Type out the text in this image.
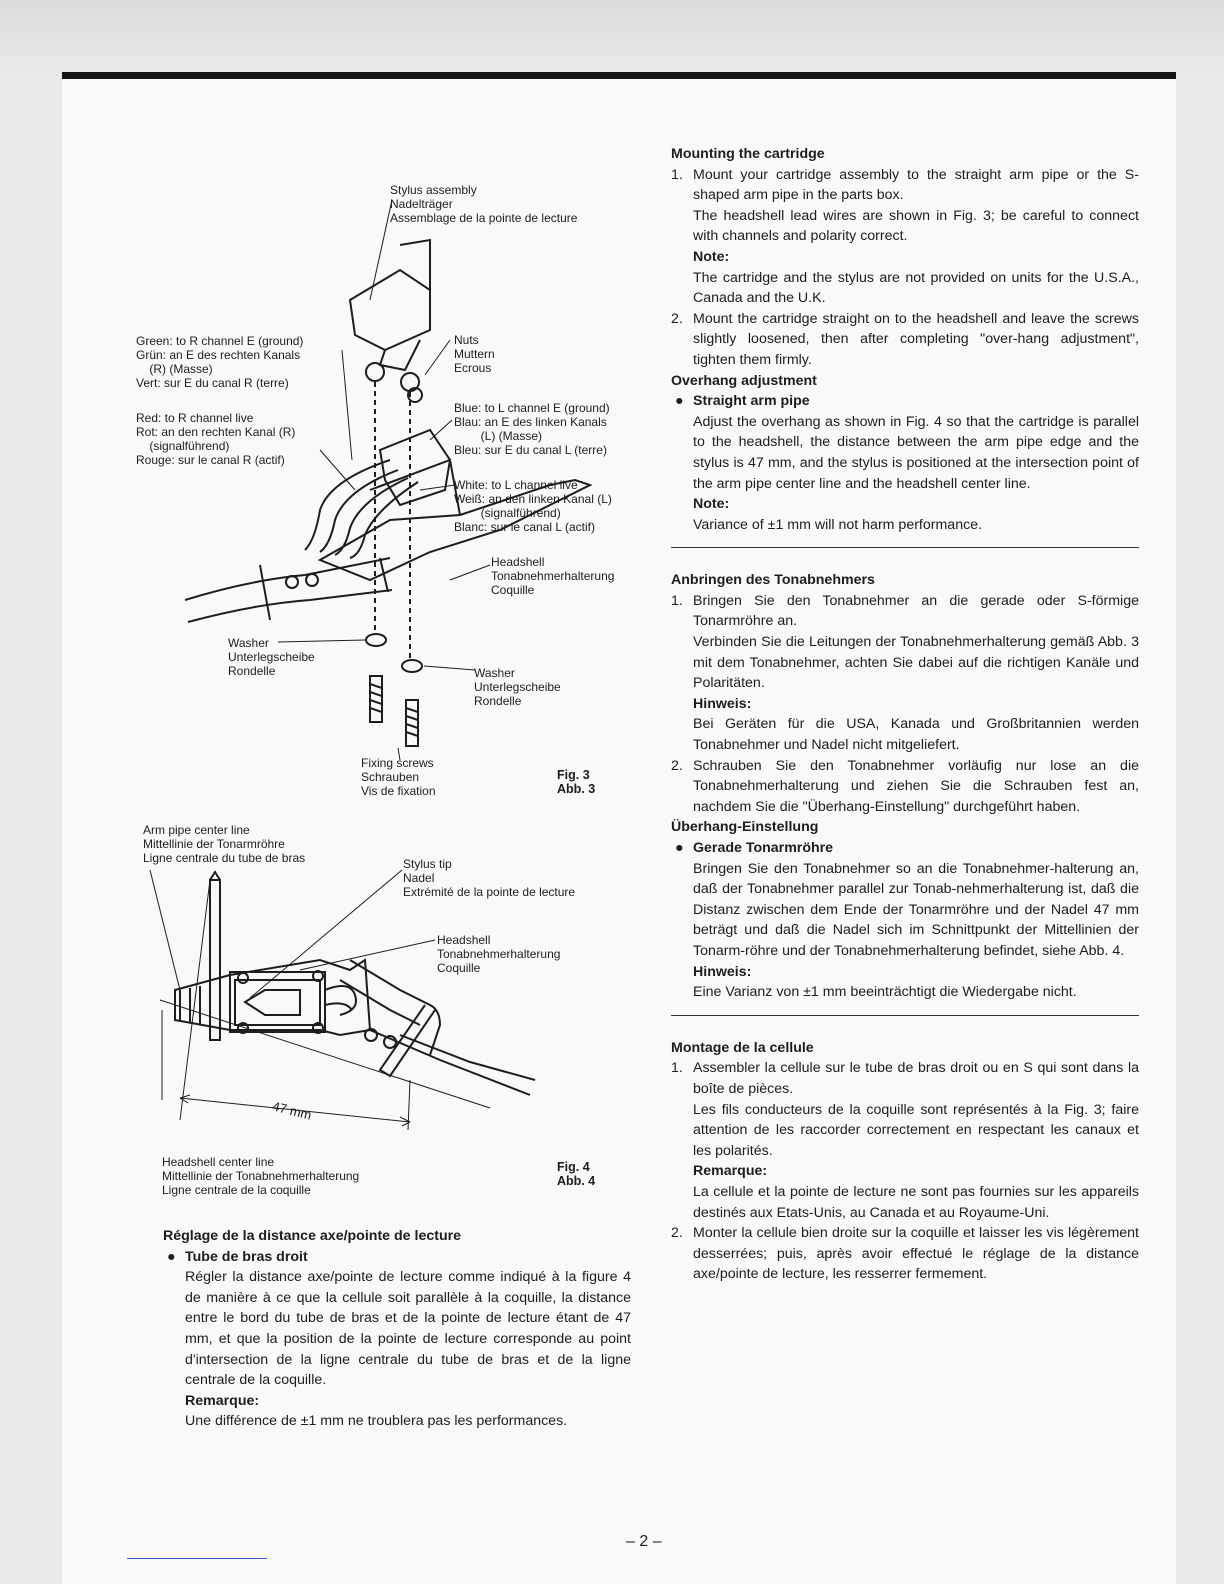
Stylus assembly
Nadelträger
Assemblage de la pointe de lecture
Green: to R channel E (ground)
Grün: an E des rechten Kanals
(R) (Masse)
Vert: sur E du canal R (terre)
Red: to R channel live
Rot: an den rechten Kanal (R)
(signalführend)
Rouge: sur le canal R (actif)
Nuts
Muttern
Ecrous
Blue: to L channel E (ground)
Blau: an E des linken Kanals
(L) (Masse)
Bleu: sur E du canal L (terre)
White: to L channel live
Weiß: an den linken Kanal (L)
(signalführend)
Blanc: sur le canal L (actif)
Headshell
Tonabnehmerhalterung
Coquille
Washer
Unterlegscheibe
Rondelle	Washer
Unterlegscheibe
Rondelle
Fixing screws
Schrauben
Vis de fixation
Fig. 3
Abb. 3
Arm pipe center line
Mittellinie der Tonarmröhre
Ligne centrale du tube de bras	Stylus tip
Nadel
Extrémité de la pointe de lecture
Headshell
Tonabnehmerhalterung
Coquille
47 mm
Headshell center line
Mittellinie der Tonabnehmerhalterung
Ligne centrale de la coquille
Fig. 4
Abb. 4

Réglage de la distance axe/pointe de lecture

● Tube de bras droit

Régler la distance axe/pointe de lecture comme indiqué à la figure 4 de manière à ce que la cellule soit parallèle à la coquille, la distance entre le bord du tube de bras et de la pointe de lecture étant de 47 mm, et que la position de la pointe de lecture corresponde au point d'intersection de la ligne centrale du tube de bras et de la ligne centrale de la coquille.

Remarque:

Une différence de ±1 mm ne troublera pas les performances.

Mounting the cartridge

1. Mount your cartridge assembly to the straight arm pipe or the S-shaped arm pipe in the parts box.

The headshell lead wires are shown in Fig. 3; be careful to connect with channels and polarity correct.

Note:

The cartridge and the stylus are not provided on units for the U.S.A., Canada and the U.K.

2. Mount the cartridge straight on to the headshell and leave the screws slightly loosened, then after completing "over-hang adjustment", tighten them firmly.

Overhang adjustment

● Straight arm pipe

Adjust the overhang as shown in Fig. 4 so that the cartridge is parallel to the headshell, the distance between the arm pipe edge and the stylus is 47 mm, and the stylus is positioned at the intersection point of the arm pipe center line and the headshell center line.

Note:

Variance of ±1 mm will not harm performance.

Anbringen des Tonabnehmers

1. Bringen Sie den Tonabnehmer an die gerade oder S-förmige Tonarmröhre an.

Verbinden Sie die Leitungen der Tonabnehmerhalterung gemäß Abb. 3 mit dem Tonabnehmer, achten Sie dabei auf die richtigen Kanäle und Polaritäten.

Hinweis:

Bei Geräten für die USA, Kanada und Großbritannien werden Tonabnehmer und Nadel nicht mitgeliefert.

2. Schrauben Sie den Tonabnehmer vorläufig nur lose an die Tonabnehmerhalterung und ziehen Sie die Schrauben fest an, nachdem Sie die "Überhang-Einstellung" durchgeführt haben.

Überhang-Einstellung

● Gerade Tonarmröhre

Bringen Sie den Tonabnehmer so an die Tonabnehmer-halterung an, daß der Tonabnehmer parallel zur Tonab-nehmerhalterung ist, daß die Distanz zwischen dem Ende der Tonarmröhre und der Nadel 47 mm beträgt und daß die Nadel sich im Schnittpunkt der Mittellinien der Tonarm-röhre und der Tonabnehmerhalterung befindet, siehe Abb. 4.

Hinweis:

Eine Varianz von ±1 mm beeinträchtigt die Wiedergabe nicht.

Montage de la cellule

1. Assembler la cellule sur le tube de bras droit ou en S qui sont dans la boîte de pièces.

Les fils conducteurs de la coquille sont représentés à la Fig. 3; faire attention de les raccorder correctement en respectant les canaux et les polarités.

Remarque:

La cellule et la pointe de lecture ne sont pas fournies sur les appareils destinés aux Etats-Unis, au Canada et au Royaume-Uni.

2. Monter la cellule bien droite sur la coquille et laisser les vis légèrement desserrées; puis, après avoir effectué le réglage de la distance axe/pointe de lecture, les resserrer fermement.

– 2 –
